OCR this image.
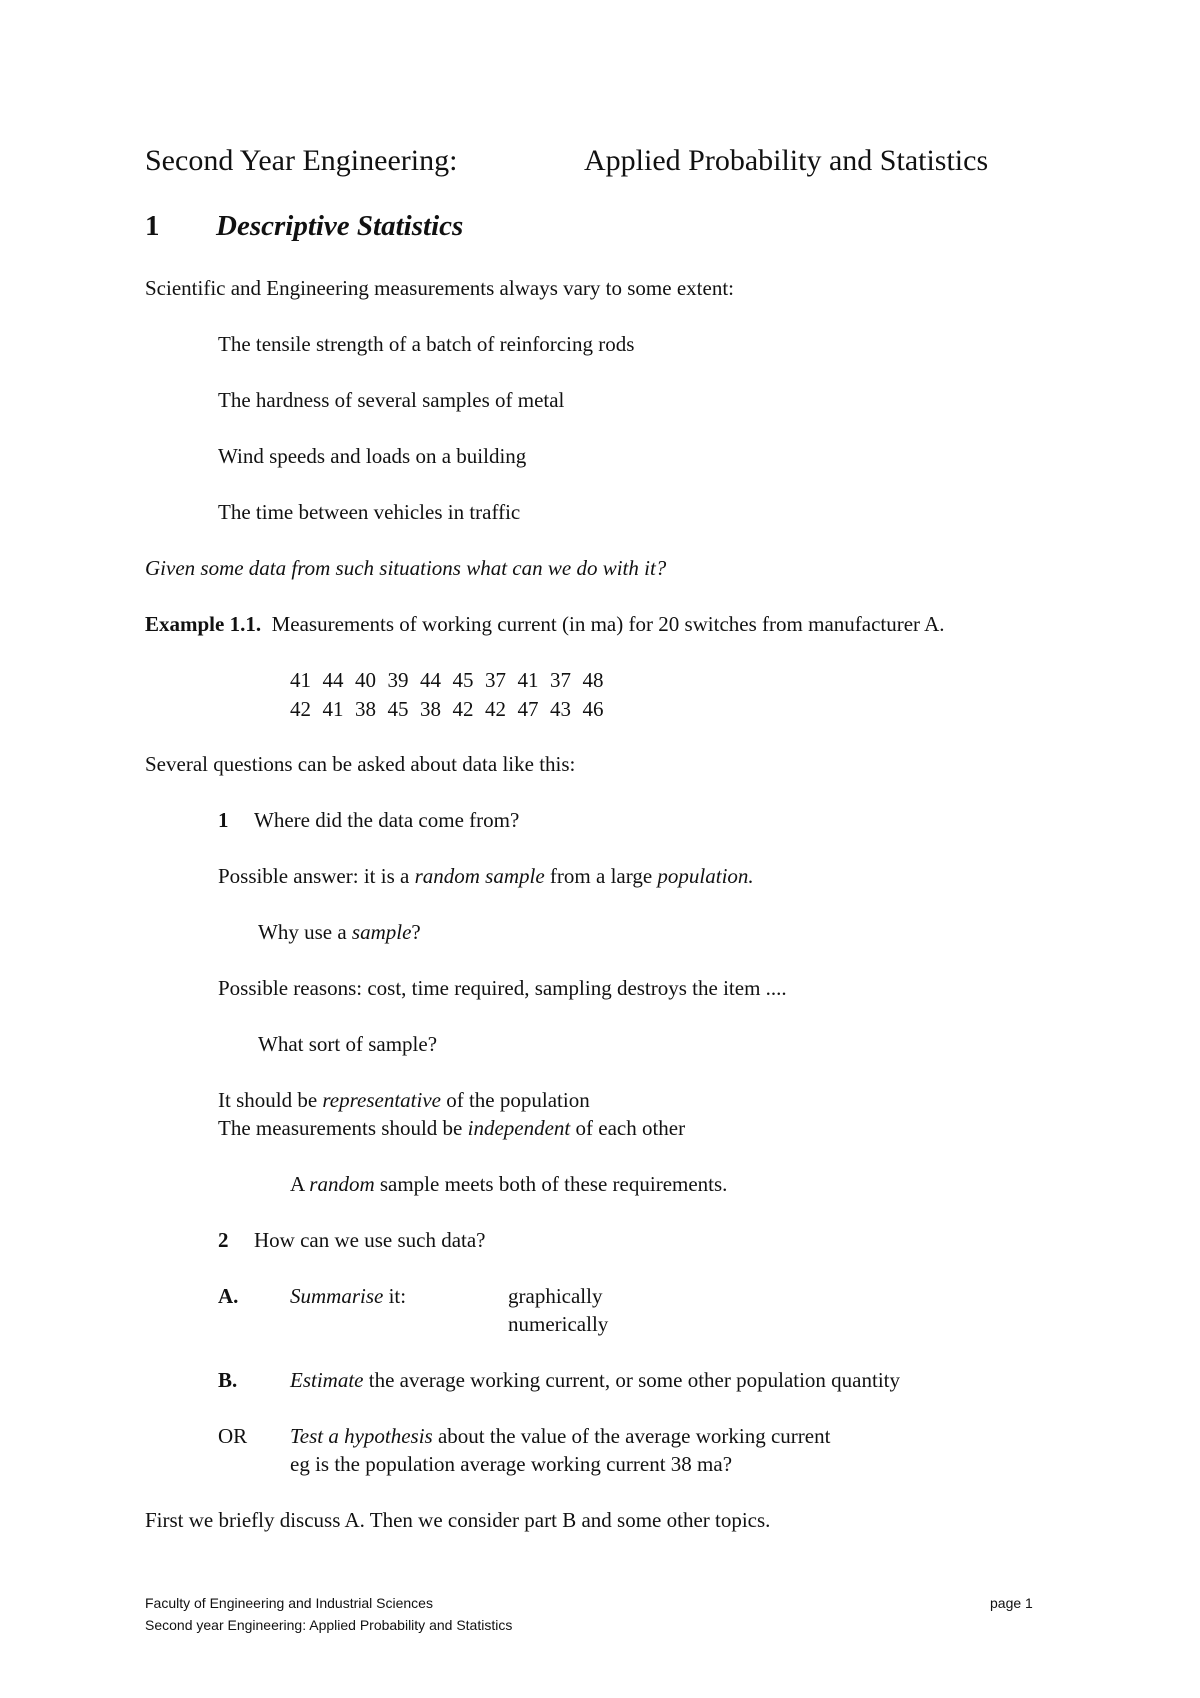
Second Year Engineering:	Applied Probability and Statistics
1 Descriptive Statistics
Scientific and Engineering measurements always vary to some extent:
The tensile strength of a batch of reinforcing rods
The hardness of several samples of metal
Wind speeds and loads on a building
The time between vehicles in traffic
Given some data from such situations what can we do with it?
Example 1.1. Measurements of working current (in ma) for 20 switches from manufacturer A.
41 44 40 39 44 45 37 41 37 48
42 41 38 45 38 42 42 47 43 46
Several questions can be asked about data like this:
1 Where did the data come from?
Possible answer: it is a random sample from a large population.
Why use a sample?
Possible reasons: cost, time required, sampling destroys the item ....
What sort of sample?
It should be representative of the population
The measurements should be independent of each other
A random sample meets both of these requirements.
2 How can we use such data?
A. Summarise it:	graphically
numerically
B.	Estimate the average working current, or some other population quantity
OR Test a hypothesis about the value of the average working current
eg is the population average working current 38 ma?
First we briefly discuss A. Then we consider part B and some other topics.
Faculty of Engineering and Industrial Sciences
Second year Engineering: Applied Probability and Statistics
page 1
